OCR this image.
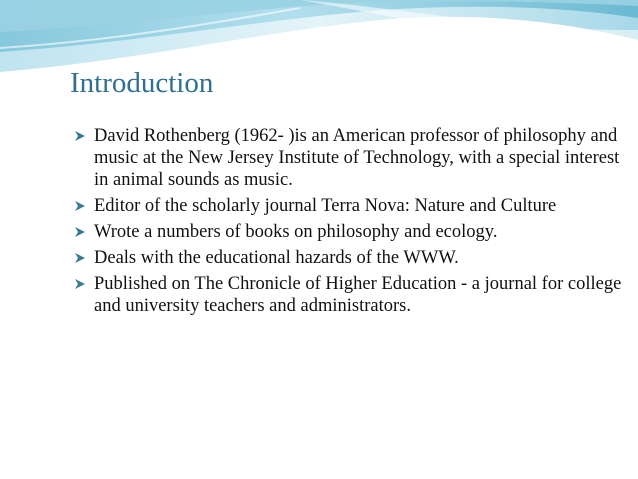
Introduction
David Rothenberg (1962- )is an American professor of philosophy and music at the New Jersey Institute of Technology, with a special interest in animal sounds as music.
Editor of the scholarly journal Terra Nova: Nature and Culture
Wrote a numbers of books on philosophy and ecology.
Deals with the educational hazards of the WWW.
Published on The Chronicle of Higher Education - a journal for college and university teachers and administrators.
